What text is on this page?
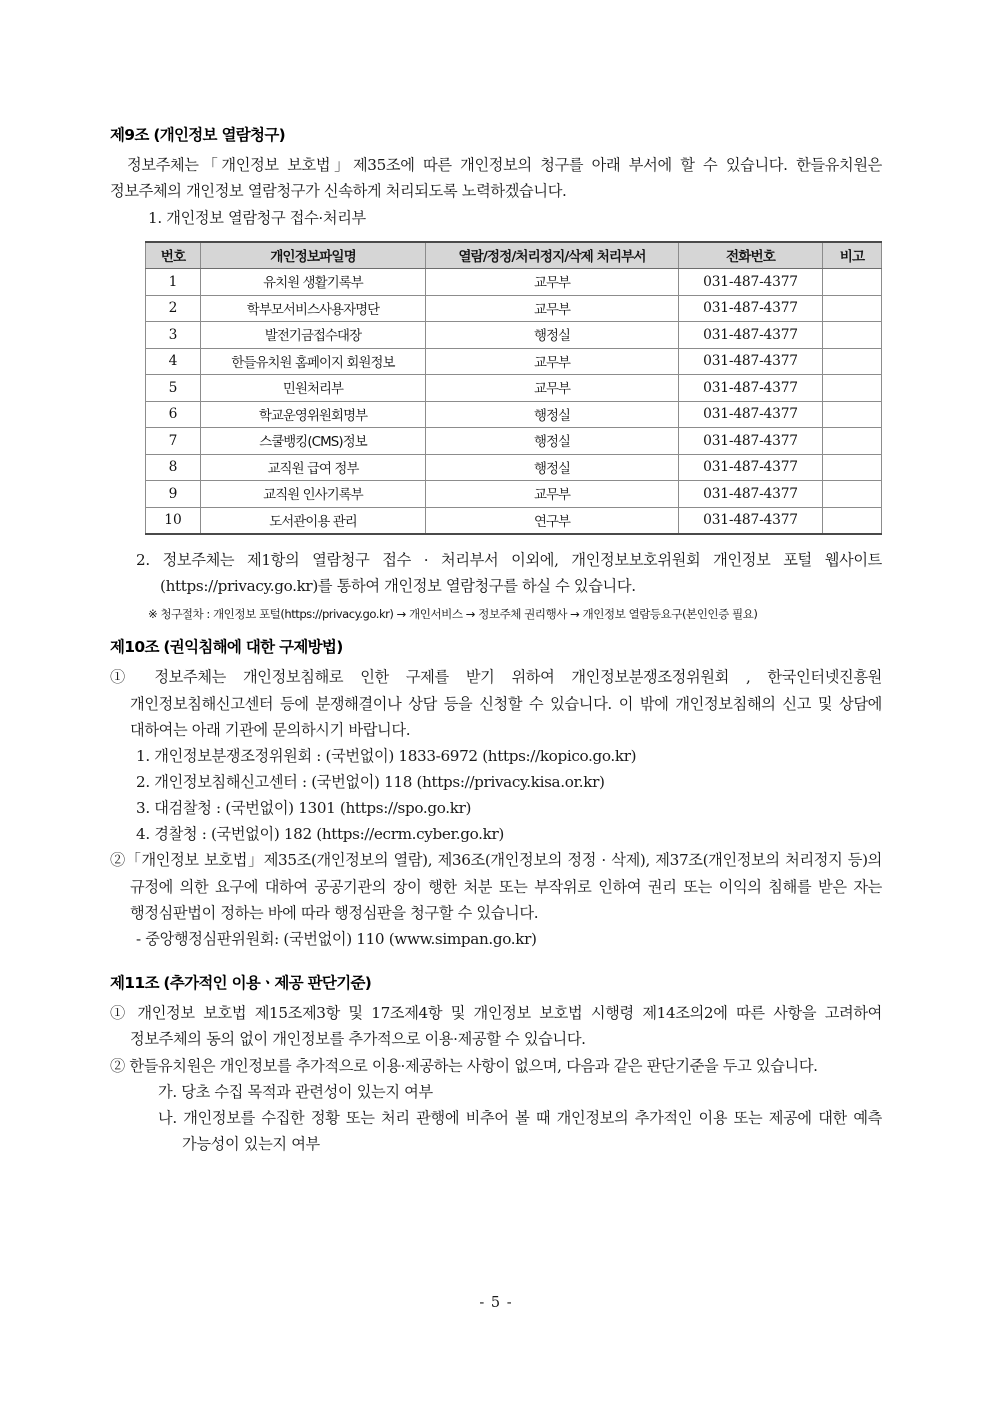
제9조 (개인정보 열람청구)

정보주체는「개인정보 보호법」제35조에 따른 개인정보의 청구를 아래 부서에 할 수 있습니다. 한들유치원은 정보주체의 개인정보 열람청구가 신속하게 처리되도록 노력하겠습니다.

1. 개인정보 열람청구 접수·처리부

번호	개인정보파일명	열람/정정/처리정지/삭제 처리부서	전화번호	비고
1	유치원 생활기록부	교무부	031-487-4377	
2	학부모서비스사용자명단	교무부	031-487-4377	
3	발전기금접수대장	행정실	031-487-4377	
4	한들유치원 홈페이지 회원정보	교무부	031-487-4377	
5	민원처리부	교무부	031-487-4377	
6	학교운영위원회명부	행정실	031-487-4377	
7	스쿨뱅킹(CMS)정보	행정실	031-487-4377	
8	교직원 급여 정부	행정실	031-487-4377	
9	교직원 인사기록부	교무부	031-487-4377	
10	도서관이용 관리	연구부	031-487-4377	

2. 정보주체는 제1항의 열람청구 접수 · 처리부서 이외에, 개인정보보호위원회 개인정보 포털 웹사이트(https://privacy.go.kr)를 통하여 개인정보 열람청구를 하실 수 있습니다.

※ 청구절차 : 개인정보 포털(https://privacy.go.kr) → 개인서비스 → 정보주체 권리행사 → 개인정보 열람등요구(본인인증 필요)

제10조 (권익침해에 대한 구제방법)

① 정보주체는 개인정보침해로 인한 구제를 받기 위하여 개인정보분쟁조정위원회 , 한국인터넷진흥원 개인정보침해신고센터 등에 분쟁해결이나 상담 등을 신청할 수 있습니다. 이 밖에 개인정보침해의 신고 및 상담에 대하여는 아래 기관에 문의하시기 바랍니다.

1. 개인정보분쟁조정위원회 : (국번없이) 1833-6972 (https://kopico.go.kr)

2. 개인정보침해신고센터 : (국번없이) 118 (https://privacy.kisa.or.kr)

3. 대검찰청 : (국번없이) 1301 (https://spo.go.kr)

4. 경찰청 : (국번없이) 182 (https://ecrm.cyber.go.kr)

②「개인정보 보호법」제35조(개인정보의 열람), 제36조(개인정보의 정정 · 삭제), 제37조(개인정보의 처리정지 등)의 규정에 의한 요구에 대하여 공공기관의 장이 행한 처분 또는 부작위로 인하여 권리 또는 이익의 침해를 받은 자는 행정심판법이 정하는 바에 따라 행정심판을 청구할 수 있습니다.

- 중앙행정심판위원회: (국번없이) 110 (www.simpan.go.kr)

제11조 (추가적인 이용ㆍ제공 판단기준)

① 개인정보 보호법 제15조제3항 및 17조제4항 및 개인정보 보호법 시행령 제14조의2에 따른 사항을 고려하여 정보주체의 동의 없이 개인정보를 추가적으로 이용·제공할 수 있습니다.

② 한들유치원은 개인정보를 추가적으로 이용·제공하는 사항이 없으며, 다음과 같은 판단기준을 두고 있습니다.

가. 당초 수집 목적과 관련성이 있는지 여부

나. 개인정보를 수집한 정황 또는 처리 관행에 비추어 볼 때 개인정보의 추가적인 이용 또는 제공에 대한 예측 가능성이 있는지 여부

- 5 -
